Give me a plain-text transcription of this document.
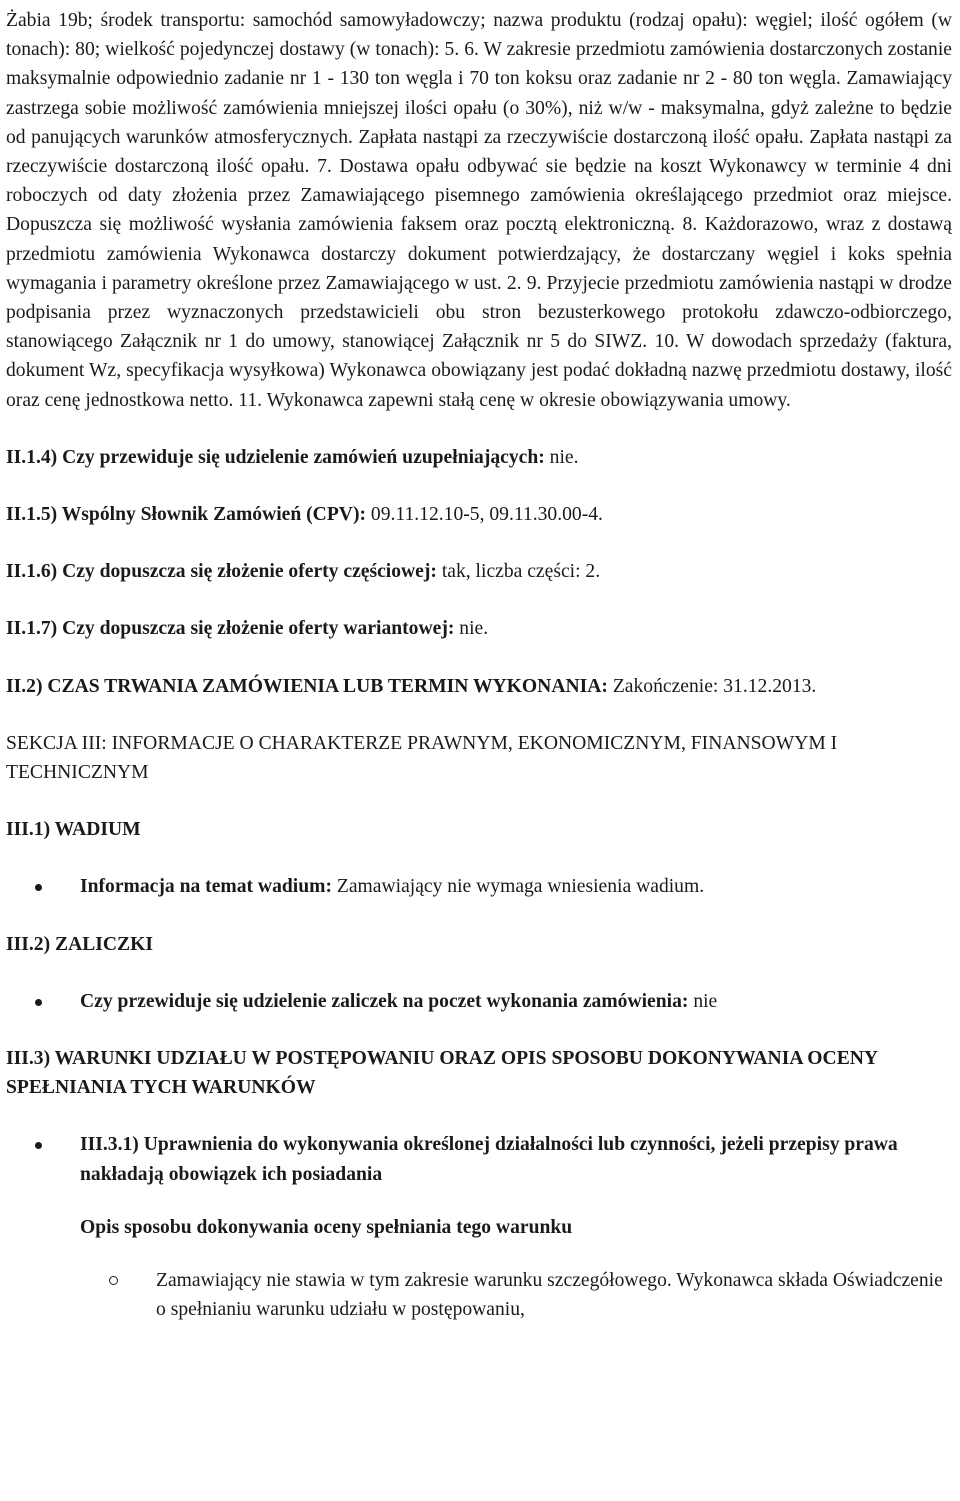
Żabia 19b; środek transportu: samochód samowyładowczy; nazwa produktu (rodzaj opału): węgiel; ilość ogółem (w tonach): 80; wielkość pojedynczej dostawy (w tonach): 5. 6. W zakresie przedmiotu zamówienia dostarczonych zostanie maksymalnie odpowiednio zadanie nr 1 - 130 ton węgla i 70 ton koksu oraz zadanie nr 2 - 80 ton węgla. Zamawiający zastrzega sobie możliwość zamówienia mniejszej ilości opału (o 30%), niż w/w - maksymalna, gdyż zależne to będzie od panujących warunków atmosferycznych. Zapłata nastąpi za rzeczywiście dostarczoną ilość opału. Zapłata nastąpi za rzeczywiście dostarczoną ilość opału. 7. Dostawa opału odbywać sie będzie na koszt Wykonawcy w terminie 4 dni roboczych od daty złożenia przez Zamawiającego pisemnego zamówienia określającego przedmiot oraz miejsce. Dopuszcza się możliwość wysłania zamówienia faksem oraz pocztą elektroniczną. 8. Każdorazowo, wraz z dostawą przedmiotu zamówienia Wykonawca dostarczy dokument potwierdzający, że dostarczany węgiel i koks spełnia wymagania i parametry określone przez Zamawiającego w ust. 2. 9. Przyjecie przedmiotu zamówienia nastąpi w drodze podpisania przez wyznaczonych przedstawicieli obu stron bezusterkowego protokołu zdawczo-odbiorczego, stanowiącego Załącznik nr 1 do umowy, stanowiącej Załącznik nr 5 do SIWZ. 10. W dowodach sprzedaży (faktura, dokument Wz, specyfikacja wysyłkowa) Wykonawca obowiązany jest podać dokładną nazwę przedmiotu dostawy, ilość oraz cenę jednostkowa netto. 11. Wykonawca zapewni stałą cenę w okresie obowiązywania umowy.

II.1.4) Czy przewiduje się udzielenie zamówień uzupełniających: nie.

II.1.5) Wspólny Słownik Zamówień (CPV): 09.11.12.10-5, 09.11.30.00-4.

II.1.6) Czy dopuszcza się złożenie oferty częściowej: tak, liczba części: 2.

II.1.7) Czy dopuszcza się złożenie oferty wariantowej: nie.

II.2) CZAS TRWANIA ZAMÓWIENIA LUB TERMIN WYKONANIA: Zakończenie: 31.12.2013.

SEKCJA III: INFORMACJE O CHARAKTERZE PRAWNYM, EKONOMICZNYM, FINANSOWYM I TECHNICZNYM

III.1) WADIUM

Informacja na temat wadium: Zamawiający nie wymaga wniesienia wadium.

III.2) ZALICZKI

Czy przewiduje się udzielenie zaliczek na poczet wykonania zamówienia: nie

III.3) WARUNKI UDZIAŁU W POSTĘPOWANIU ORAZ OPIS SPOSOBU DOKONYWANIA OCENY SPEŁNIANIA TYCH WARUNKÓW

III.3.1) Uprawnienia do wykonywania określonej działalności lub czynności, jeżeli przepisy prawa nakładają obowiązek ich posiadania

Opis sposobu dokonywania oceny spełniania tego warunku

Zamawiający nie stawia w tym zakresie warunku szczegółowego. Wykonawca składa Oświadczenie o spełnianiu warunku udziału w postępowaniu,
